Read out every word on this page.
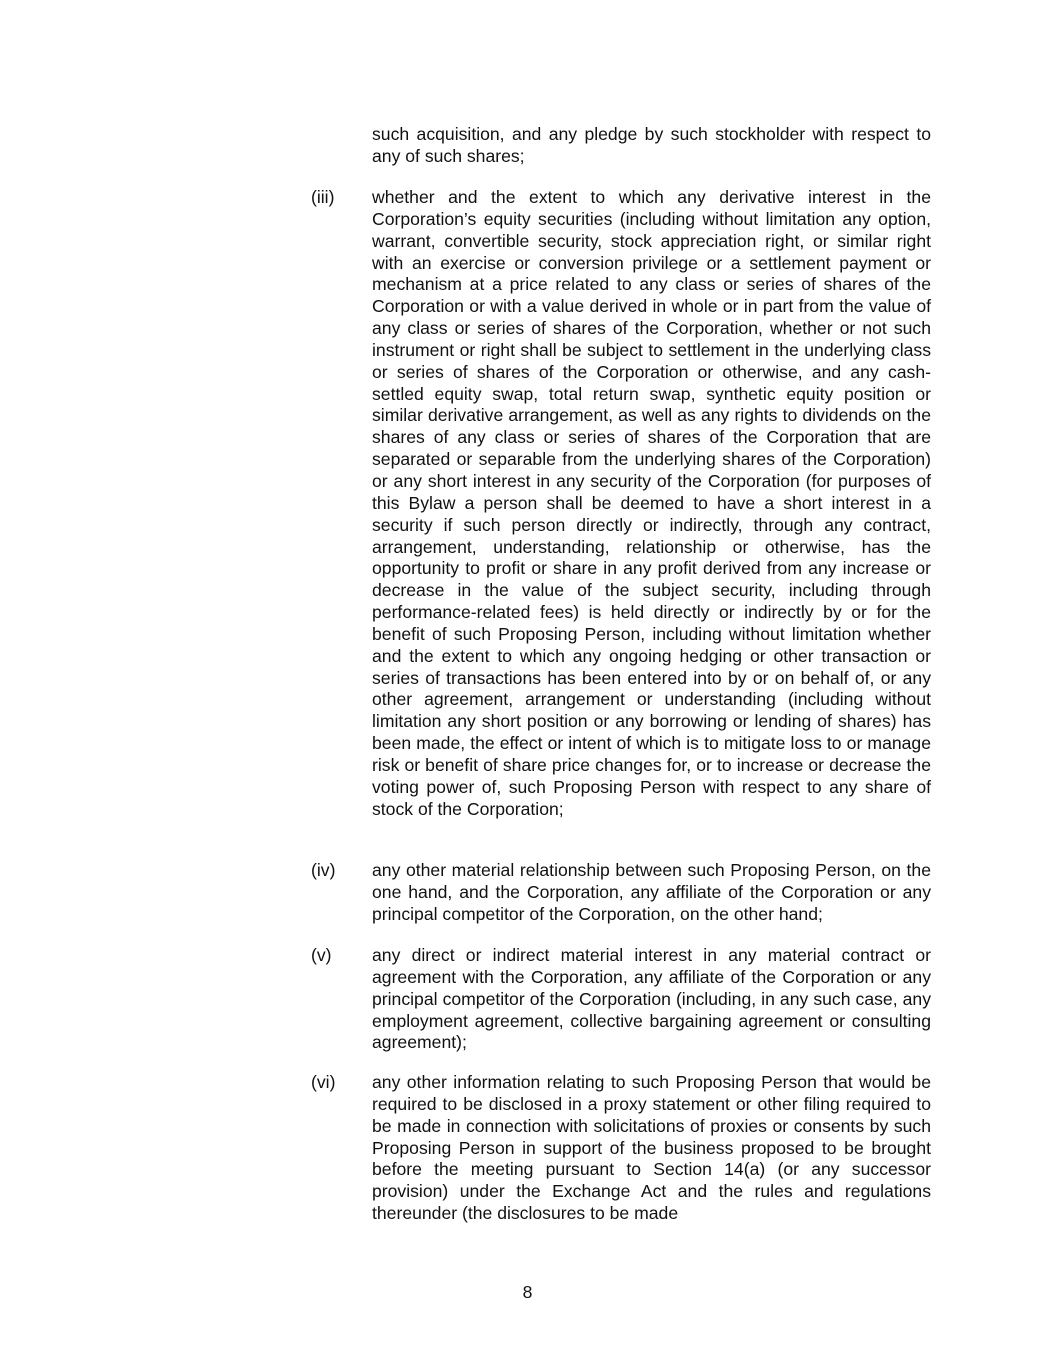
such acquisition, and any pledge by such stockholder with respect to any of such shares;

(iii) whether and the extent to which any derivative interest in the Corporation’s equity securities (including without limitation any option, warrant, convertible security, stock appreciation right, or similar right with an exercise or conversion privilege or a settlement payment or mechanism at a price related to any class or series of shares of the Corporation or with a value derived in whole or in part from the value of any class or series of shares of the Corporation, whether or not such instrument or right shall be subject to settlement in the underlying class or series of shares of the Corporation or otherwise, and any cash-settled equity swap, total return swap, synthetic equity position or similar derivative arrangement, as well as any rights to dividends on the shares of any class or series of shares of the Corporation that are separated or separable from the underlying shares of the Corporation) or any short interest in any security of the Corporation (for purposes of this Bylaw a person shall be deemed to have a short interest in a security if such person directly or indirectly, through any contract, arrangement, understanding, relationship or otherwise, has the opportunity to profit or share in any profit derived from any increase or decrease in the value of the subject security, including through performance-related fees) is held directly or indirectly by or for the benefit of such Proposing Person, including without limitation whether and the extent to which any ongoing hedging or other transaction or series of transactions has been entered into by or on behalf of, or any other agreement, arrangement or understanding (including without limitation any short position or any borrowing or lending of shares) has been made, the effect or intent of which is to mitigate loss to or manage risk or benefit of share price changes for, or to increase or decrease the voting power of, such Proposing Person with respect to any share of stock of the Corporation;

(iv) any other material relationship between such Proposing Person, on the one hand, and the Corporation, any affiliate of the Corporation or any principal competitor of the Corporation, on the other hand;

(v) any direct or indirect material interest in any material contract or agreement with the Corporation, any affiliate of the Corporation or any principal competitor of the Corporation (including, in any such case, any employment agreement, collective bargaining agreement or consulting agreement);

(vi) any other information relating to such Proposing Person that would be required to be disclosed in a proxy statement or other filing required to be made in connection with solicitations of proxies or consents by such Proposing Person in support of the business proposed to be brought before the meeting pursuant to Section 14(a) (or any successor provision) under the Exchange Act and the rules and regulations thereunder (the disclosures to be made

8
